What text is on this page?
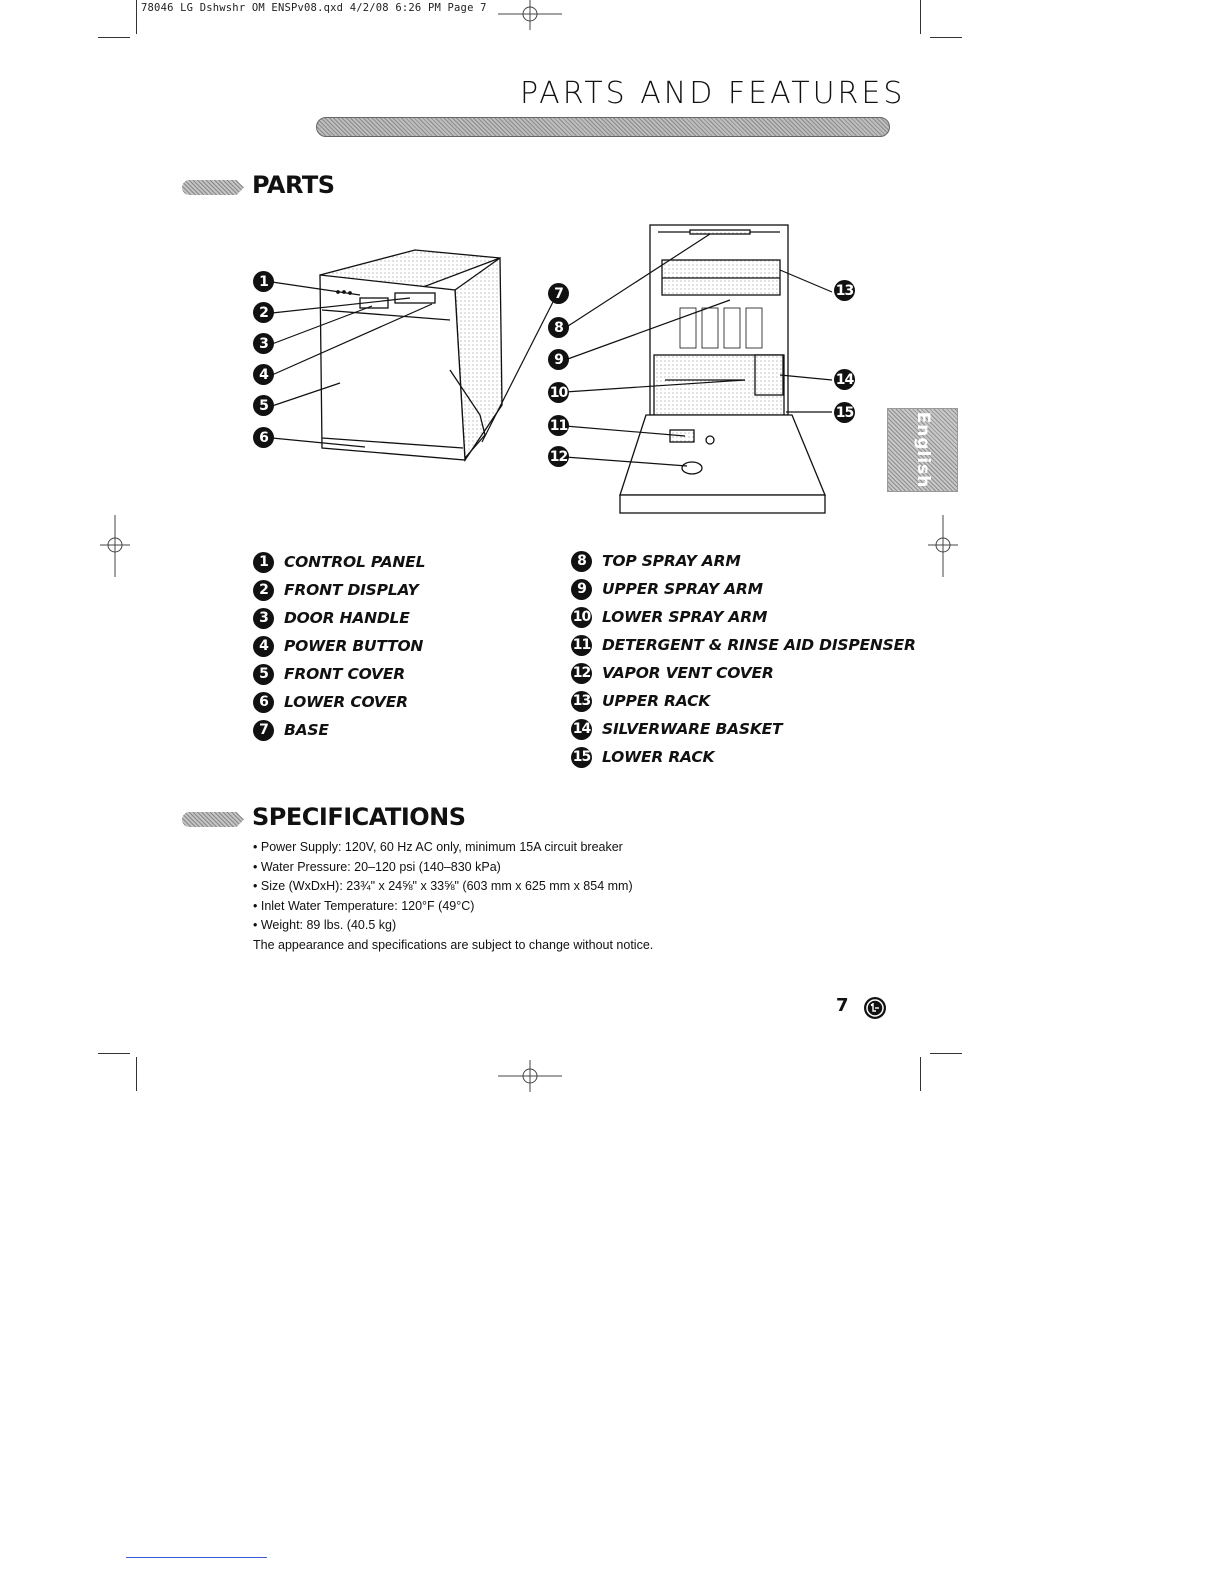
78046 LG Dshwshr OM ENSPv08.qxd 4/2/08 6:26 PM Page 7
PARTS AND FEATURES
English
PARTS
1
2
3
4
5
6
7
8
9
10
11
12
13
14
15
1	CONTROL PANEL
2	FRONT DISPLAY
3	DOOR HANDLE
4	POWER BUTTON
5	FRONT COVER
6	LOWER COVER
7	BASE
8	TOP SPRAY ARM
9	UPPER SPRAY ARM
10 LOWER SPRAY ARM
11 DETERGENT & RINSE AID DISPENSER
12 VAPOR VENT COVER
13 UPPER RACK
14 SILVERWARE BASKET
15 LOWER RACK
SPECIFICATIONS
• Power Supply: 120V, 60 Hz AC only, minimum 15A circuit breaker
• Water Pressure: 20–120 psi (140–830 kPa)
• Size (WxDxH): 23¾" x 24⅝" x 33⅝" (603 mm x 625 mm x 854 mm)
• Inlet Water Temperature: 120°F (49°C)
• Weight: 89 lbs. (40.5 kg)
The appearance and specifications are subject to change without notice.
7
